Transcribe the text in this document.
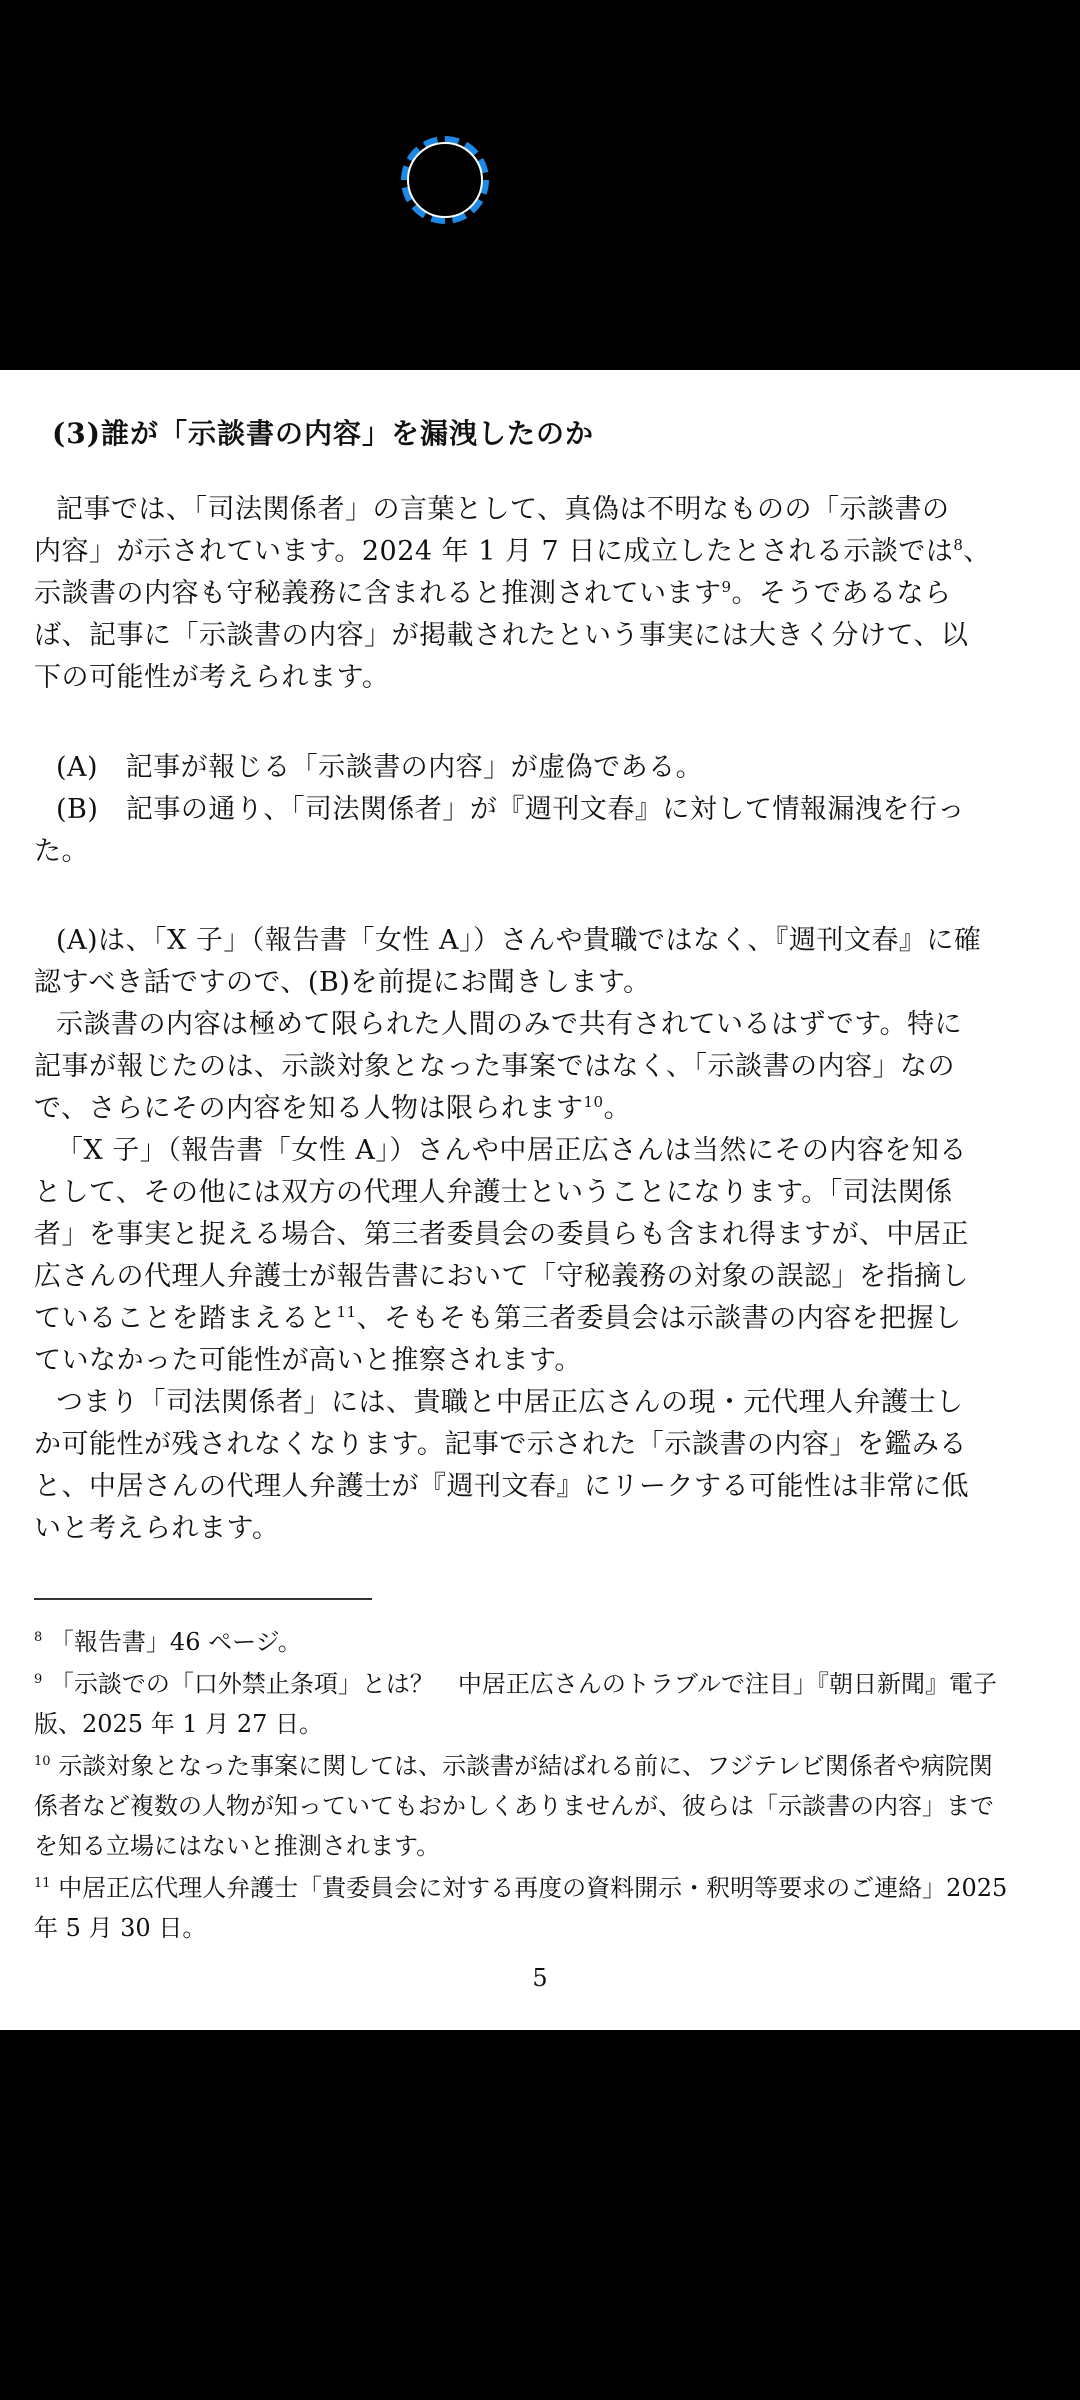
(3)誰が「示談書の内容」を漏洩したのか
記事では、「司法関係者」の言葉として、真偽は不明なものの「示談書の
内容」が示されています。2024 年 1 月 7 日に成立したとされる示談では$^8$、
示談書の内容も守秘義務に含まれると推測されています$^9$。そうであるなら
ば、記事に「示談書の内容」が掲載されたという事実には大きく分けて、以
下の可能性が考えられます。
(A)　記事が報じる「示談書の内容」が虚偽である。
(B)　記事の通り、「司法関係者」が『週刊文春』に対して情報漏洩を行っ
た。
(A)は、「X 子」（報告書「女性 A」）さんや貴職ではなく、『週刊文春』に確
認すべき話ですので、(B)を前提にお聞きします。
示談書の内容は極めて限られた人間のみで共有されているはずです。特に
記事が報じたのは、示談対象となった事案ではなく、「示談書の内容」なの
で、さらにその内容を知る人物は限られます$^{10}$。
「X 子」（報告書「女性 A」）さんや中居正広さんは当然にその内容を知る
として、その他には双方の代理人弁護士ということになります。「司法関係
者」を事実と捉える場合、第三者委員会の委員らも含まれ得ますが、中居正
広さんの代理人弁護士が報告書において「守秘義務の対象の誤認」を指摘し
ていることを踏まえると$^{11}$、そもそも第三者委員会は示談書の内容を把握し
ていなかった可能性が高いと推察されます。
つまり「司法関係者」には、貴職と中居正広さんの現・元代理人弁護士し
か可能性が残されなくなります。記事で示された「示談書の内容」を鑑みる
と、中居さんの代理人弁護士が『週刊文春』にリークする可能性は非常に低
いと考えられます。
$^8$ 「報告書」46 ページ。
$^9$ 「示談での「口外禁止条項」とは？　中居正広さんのトラブルで注目」『朝日新聞』電子
版、2025 年 1 月 27 日。
$^{10}$ 示談対象となった事案に関しては、示談書が結ばれる前に、フジテレビ関係者や病院関
係者など複数の人物が知っていてもおかしくありませんが、彼らは「示談書の内容」まで
を知る立場にはないと推測されます。
$^{11}$ 中居正広代理人弁護士「貴委員会に対する再度の資料開示・釈明等要求のご連絡」2025
年 5 月 30 日。
5
